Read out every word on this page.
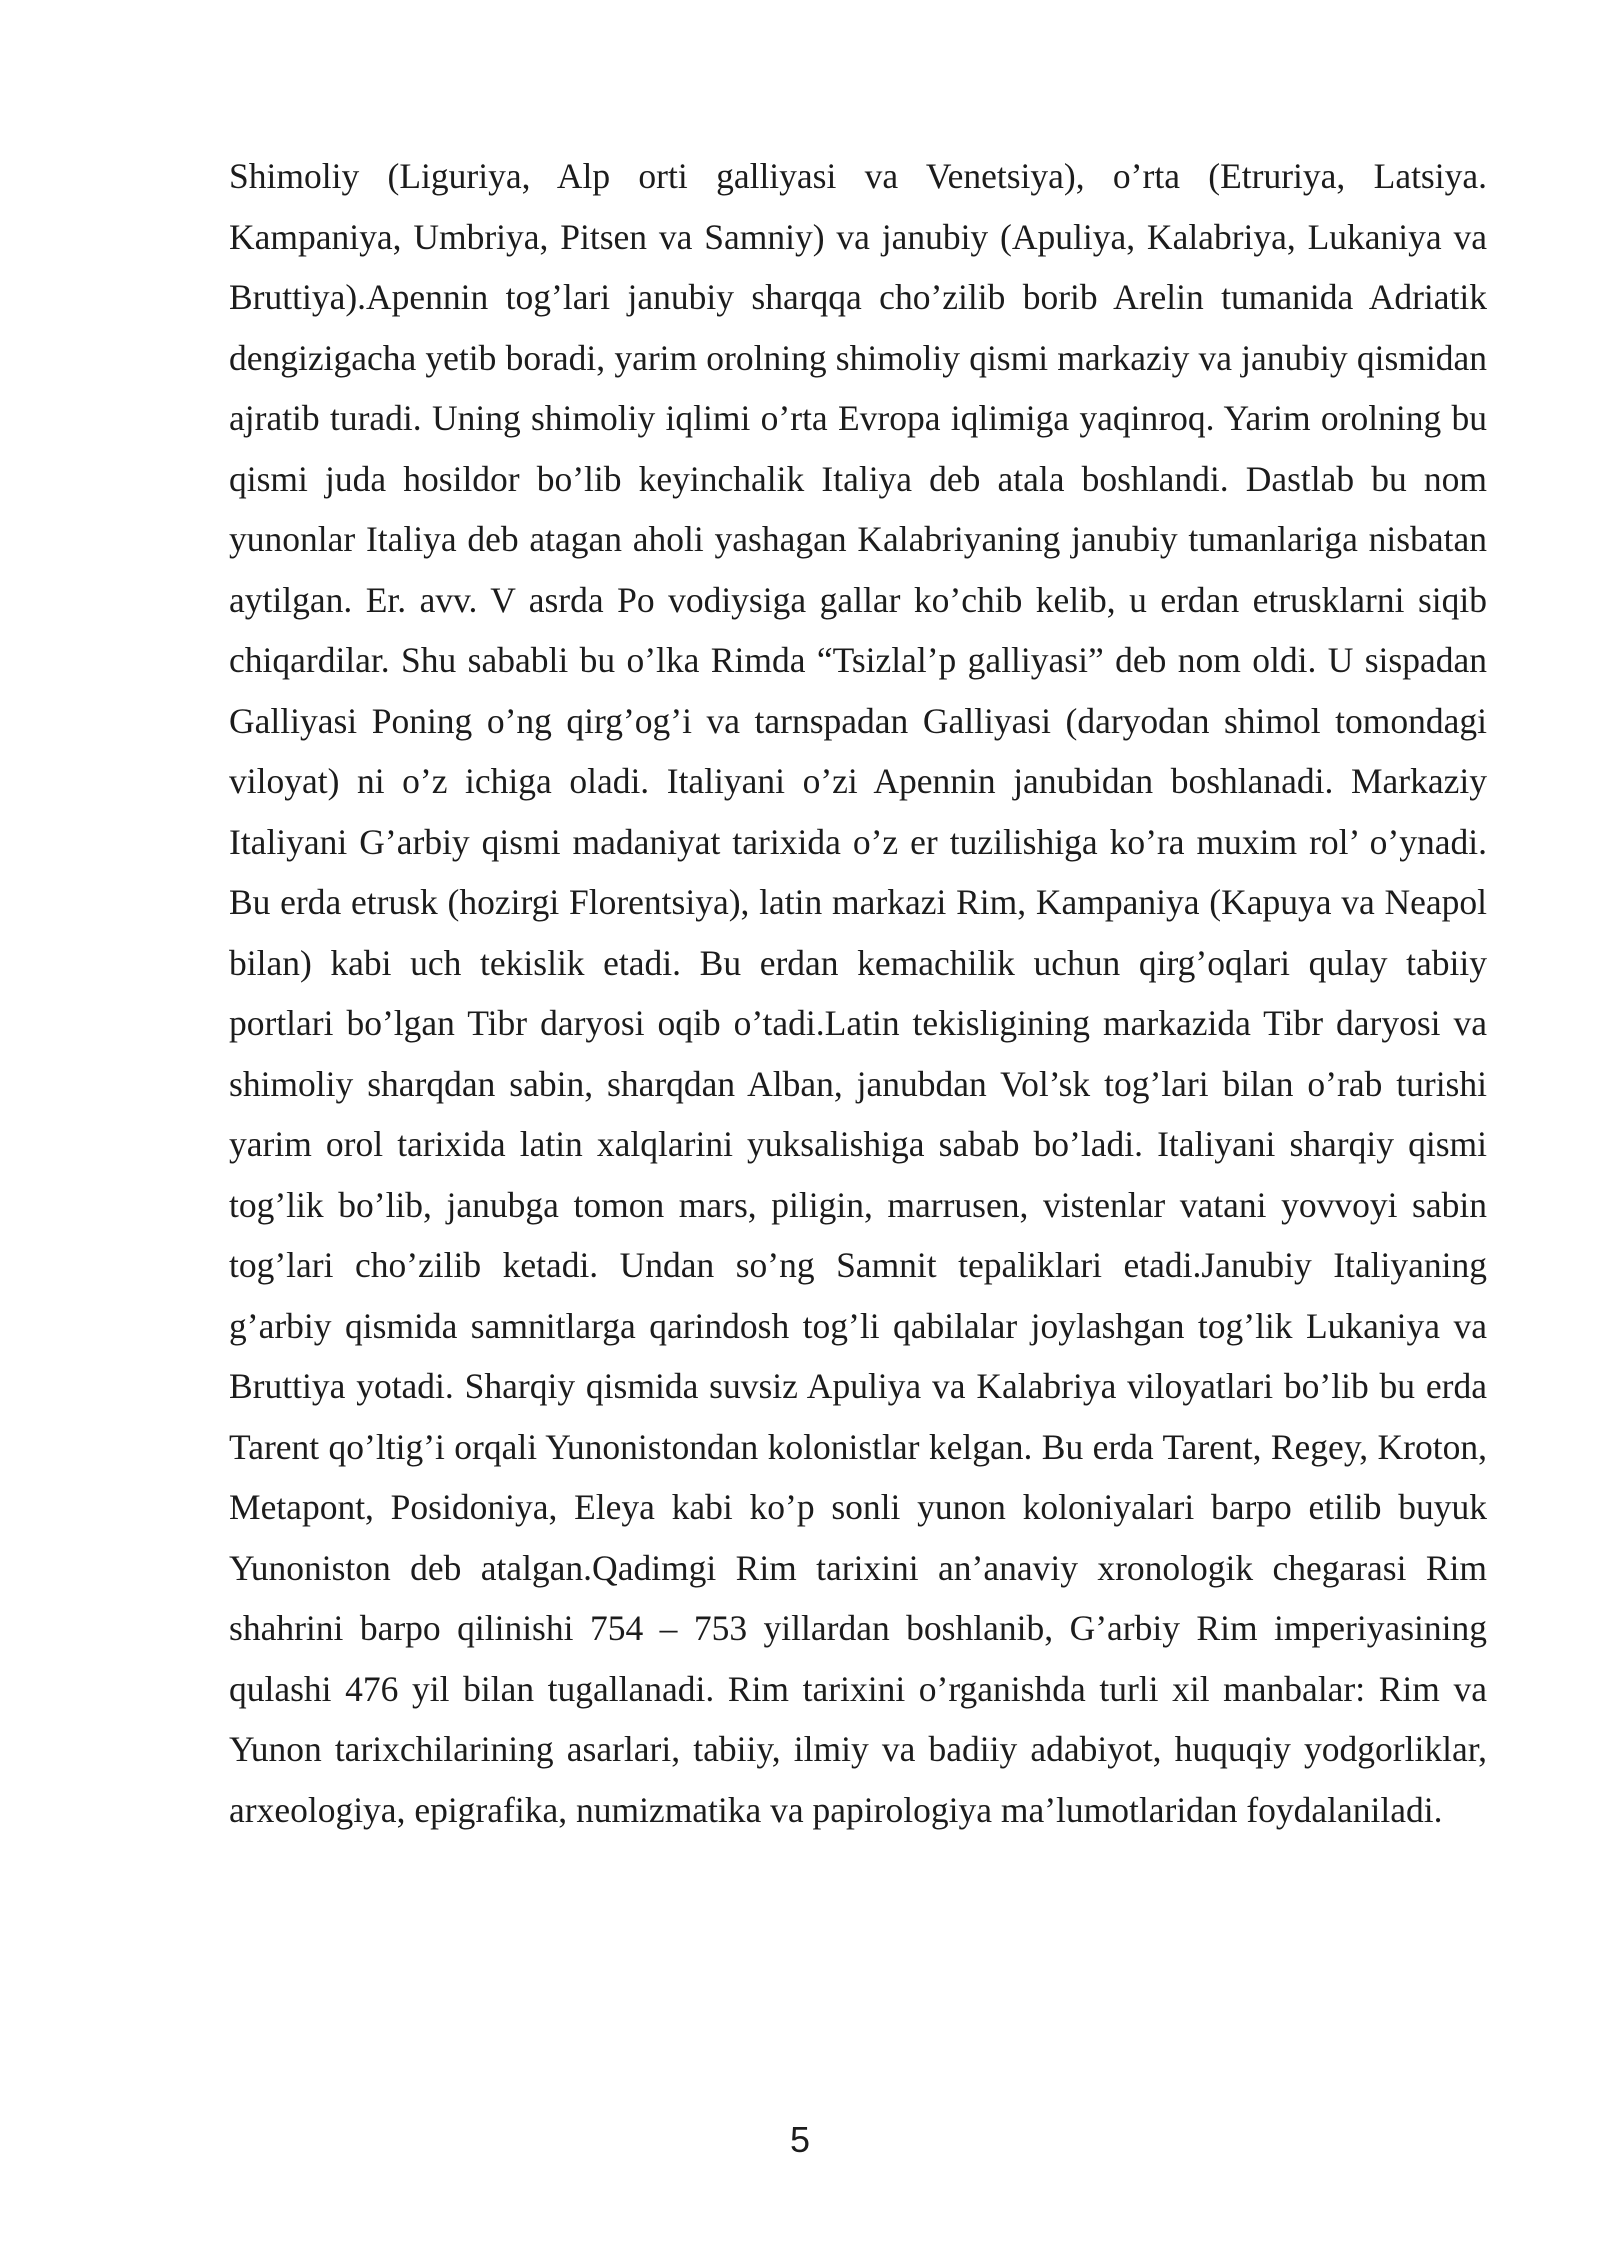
Shimoliy (Liguriya, Alp orti galliyasi va Venetsiya), o’rta (Etruriya, Latsiya. Kampaniya, Umbriya, Pitsen va Samniy) va janubiy (Apuliya, Kalabriya, Lukaniya va Bruttiya).Apennin tog’lari janubiy sharqqa cho’zilib borib Arelin tumanida Adriatik dengizigacha yetib boradi, yarim orolning shimoliy qismi markaziy va janubiy qismidan ajratib turadi. Uning shimoliy iqlimi o’rta Evropa iqlimiga yaqinroq. Yarim orolning bu qismi juda hosildor bo’lib keyinchalik Italiya deb atala boshlandi. Dastlab bu nom yunonlar Italiya deb atagan aholi yashagan Kalabriyaning janubiy tumanlariga nisbatan aytilgan. Er. avv. V asrda Po vodiysiga gallar ko’chib kelib, u erdan etrusklarni siqib chiqardilar. Shu sababli bu o’lka Rimda “Tsizlal’p galliyasi” deb nom oldi. U sispadan Galliyasi Poning o’ng qirg’og’i va tarnspadan Galliyasi (daryodan shimol tomondagi viloyat) ni o’z ichiga oladi. Italiyani o’zi Apennin janubidan boshlanadi. Markaziy Italiyani G’arbiy qismi madaniyat tarixida o’z er tuzilishiga ko’ra muxim rol’ o’ynadi. Bu erda etrusk (hozirgi Florentsiya), latin markazi Rim, Kampaniya (Kapuya va Neapol bilan) kabi uch tekislik etadi. Bu erdan kemachilik uchun qirg’oqlari qulay tabiiy portlari bo’lgan Tibr daryosi oqib o’tadi.Latin tekisligining markazida Tibr daryosi va shimoliy sharqdan sabin, sharqdan Alban, janubdan Vol’sk tog’lari bilan o’rab turishi yarim orol tarixida latin xalqlarini yuksalishiga sabab bo’ladi. Italiyani sharqiy qismi tog’lik bo’lib, janubga tomon mars, piligin, marrusen, vistenlar vatani yovvoyi sabin tog’lari cho’zilib ketadi. Undan so’ng Samnit tepaliklari etadi.Janubiy Italiyaning g’arbiy qismida samnitlarga qarindosh tog’li qabilalar joylashgan tog’lik Lukaniya va Bruttiya yotadi. Sharqiy qismida suvsiz Apuliya va Kalabriya viloyatlari bo’lib bu erda Tarent qo’ltig’i orqali Yunonistondan kolonistlar kelgan. Bu erda Tarent, Regey, Kroton, Metapont, Posidoniya, Eleya kabi ko’p sonli yunon koloniyalari barpo etilib buyuk Yunoniston deb atalgan.Qadimgi Rim tarixini an’anaviy xronologik chegarasi Rim shahrini barpo qilinishi 754 – 753 yillardan boshlanib, G’arbiy Rim imperiyasining qulashi 476 yil bilan tugallanadi. Rim tarixini o’rganishda turli xil manbalar: Rim va Yunon tarixchilarining asarlari, tabiiy, ilmiy va badiiy adabiyot, huquqiy yodgorliklar, arxeologiya, epigrafika, numizmatika va papirologiya ma’lumotlaridan foydalaniladi.

5
